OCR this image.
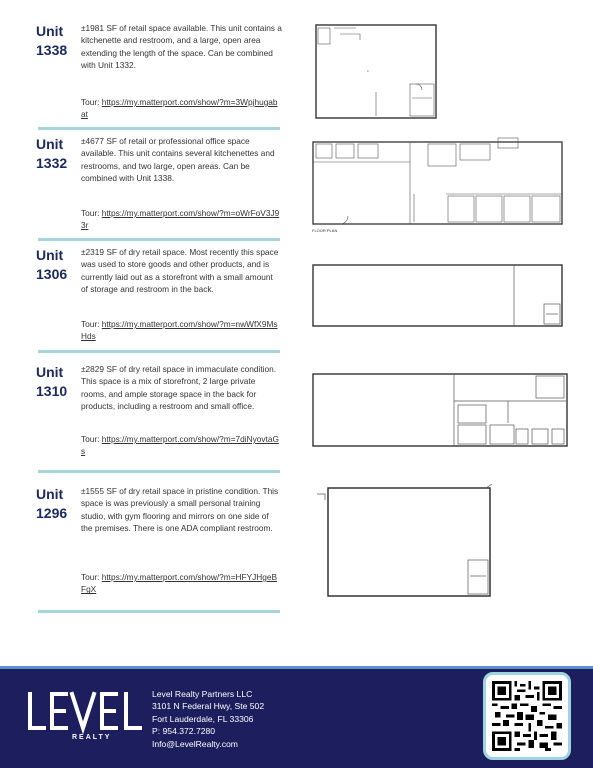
Unit
1338
±1981 SF of retail space available. This unit contains a kitchenette and restroom, and a large, open area extending the length of the space. Can be combined with Unit 1332.
Tour: https://my.matterport.com/show/?m=3Wpjhugabat
Unit
1332
±4677 SF of retail or professional office space available. This unit contains several kitchenettes and restrooms, and two large, open areas. Can be combined with Unit 1338.
Tour: https://my.matterport.com/show/?m=oWrFoV3J93r
Unit
1306
±2319 SF of dry retail space. Most recently this space was used to store goods and other products, and is currently laid out as a storefront with a small amount of storage and restroom in the back.
Tour: https://my.matterport.com/show/?m=nwWfX9MsHds
Unit
1310
±2829 SF of dry retail space in immaculate condition. This space is a mix of storefront, 2 large private rooms, and ample storage space in the back for products, including a restroom and small office.
Tour: https://my.matterport.com/show/?m=7diNyovtaGs
Unit
1296
±1555 SF of dry retail space in pristine condition. This space is was previously a small personal training studio, with gym flooring and mirrors on one side of the premises. There is one ADA compliant restroom.
Tour: https://my.matterport.com/show/?m=HFYJHgeBFgX
≡
FLOOR PLAN
REALTY
Level Realty Partners LLC
3101 N Federal Hwy, Ste 502
Fort Lauderdale, FL 33306
P: 954.372.7280
Info@LevelRealty.com
